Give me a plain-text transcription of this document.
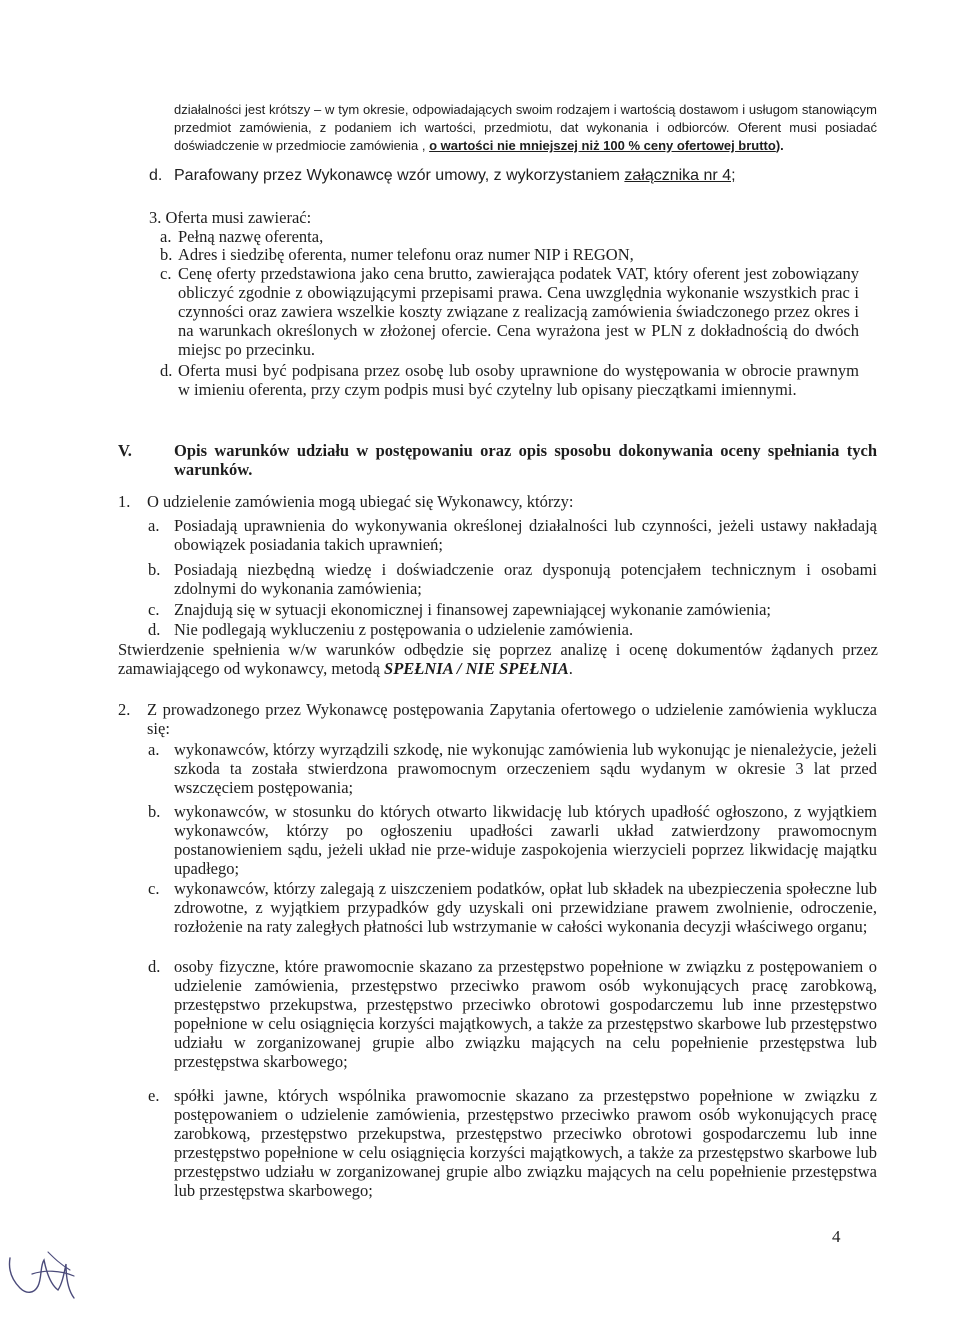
działalności jest krótszy – w tym okresie, odpowiadających swoim rodzajem i wartością dostawom i usługom stanowiącym przedmiot zamówienia, z podaniem ich wartości, przedmiotu, dat wykonania i odbiorców. Oferent musi posiadać doświadczenie w przedmiocie zamówienia , o wartości nie mniejszej niż 100 % ceny ofertowej brutto).

d. Parafowany przez Wykonawcę wzór umowy, z wykorzystaniem załącznika nr 4;
3. Oferta musi zawierać:
a. Pełną nazwę oferenta,
b. Adres i siedzibę oferenta, numer telefonu oraz numer NIP i REGON,
c. Cenę oferty przedstawiona jako cena brutto, zawierająca podatek VAT, który oferent jest zobowiązany obliczyć zgodnie z obowiązującymi przepisami prawa. Cena uwzględnia wykonanie wszystkich prac i czynności oraz zawiera wszelkie koszty związane z realizacją zamówienia świadczonego przez okres i na warunkach określonych w złożonej ofercie. Cena wyrażona jest w PLN z dokładnością do dwóch miejsc po przecinku.

d. Oferta musi być podpisana przez osobę lub osoby uprawnione do występowania w obrocie prawnym w imieniu oferenta, przy czym podpis musi być czytelny lub opisany pieczątkami imiennymi.

V.	Opis warunków udziału w postępowaniu oraz opis sposobu dokonywania oceny spełniania tych warunków.

1. O udzielenie zamówienia mogą ubiegać się Wykonawcy, którzy:
a. Posiadają uprawnienia do wykonywania określonej działalności lub czynności, jeżeli ustawy nakładają obowiązek posiadania takich uprawnień;

b. Posiadają niezbędną wiedzę i doświadczenie oraz dysponują potencjałem technicznym i osobami zdolnymi do wykonania zamówienia;

c. Znajdują się w sytuacji ekonomicznej i finansowej zapewniającej wykonanie zamówienia;
d. Nie podlegają wykluczeniu z postępowania o udzielenie zamówienia.

Stwierdzenie spełnienia w/w warunków odbędzie się poprzez analizę i ocenę dokumentów żądanych przez zamawiającego od wykonawcy, metodą SPEŁNIA / NIE SPEŁNIA.

2. Z prowadzonego przez Wykonawcę postępowania Zapytania ofertowego o udzielenie zamówienia wyklucza się:

a. wykonawców, którzy wyrządzili szkodę, nie wykonując zamówienia lub wykonując je nienależycie, jeżeli szkoda ta została stwierdzona prawomocnym orzeczeniem sądu wydanym w okresie 3 lat przed wszczęciem postępowania;

b. wykonawców, w stosunku do których otwarto likwidację lub których upadłość ogłoszono, z wyjątkiem wykonawców, którzy po ogłoszeniu upadłości zawarli układ zatwierdzony prawomocnym postanowieniem sądu, jeżeli układ nie prze-widuje zaspokojenia wierzycieli poprzez likwidację majątku upadłego;

c. wykonawców, którzy zalegają z uiszczeniem podatków, opłat lub składek na ubezpieczenia społeczne lub zdrowotne, z wyjątkiem przypadków gdy uzyskali oni przewidziane prawem zwolnienie, odroczenie, rozłożenie na raty zaległych płatności lub wstrzymanie w całości wykonania decyzji właściwego organu;

d. osoby fizyczne, które prawomocnie skazano za przestępstwo popełnione w związku z postępowaniem o udzielenie zamówienia, przestępstwo przeciwko prawom osób wykonujących pracę zarobkową, przestępstwo przekupstwa, przestępstwo przeciwko obrotowi gospodarczemu lub inne przestępstwo popełnione w celu osiągnięcia korzyści majątkowych, a także za przestępstwo skarbowe lub przestępstwo udziału w zorganizowanej grupie albo związku mających na celu popełnienie przestępstwa lub przestępstwa skarbowego;

e. spółki jawne, których wspólnika prawomocnie skazano za przestępstwo popełnione w związku z postępowaniem o udzielenie zamówienia, przestępstwo przeciwko prawom osób wykonujących pracę zarobkową, przestępstwo przekupstwa, przestępstwo przeciwko obrotowi gospodarczemu lub inne przestępstwo popełnione w celu osiągnięcia korzyści majątkowych, a także za przestępstwo skarbowe lub przestępstwo udziału w zorganizowanej grupie albo związku mających na celu popełnienie przestępstwa lub przestępstwa skarbowego;

4
